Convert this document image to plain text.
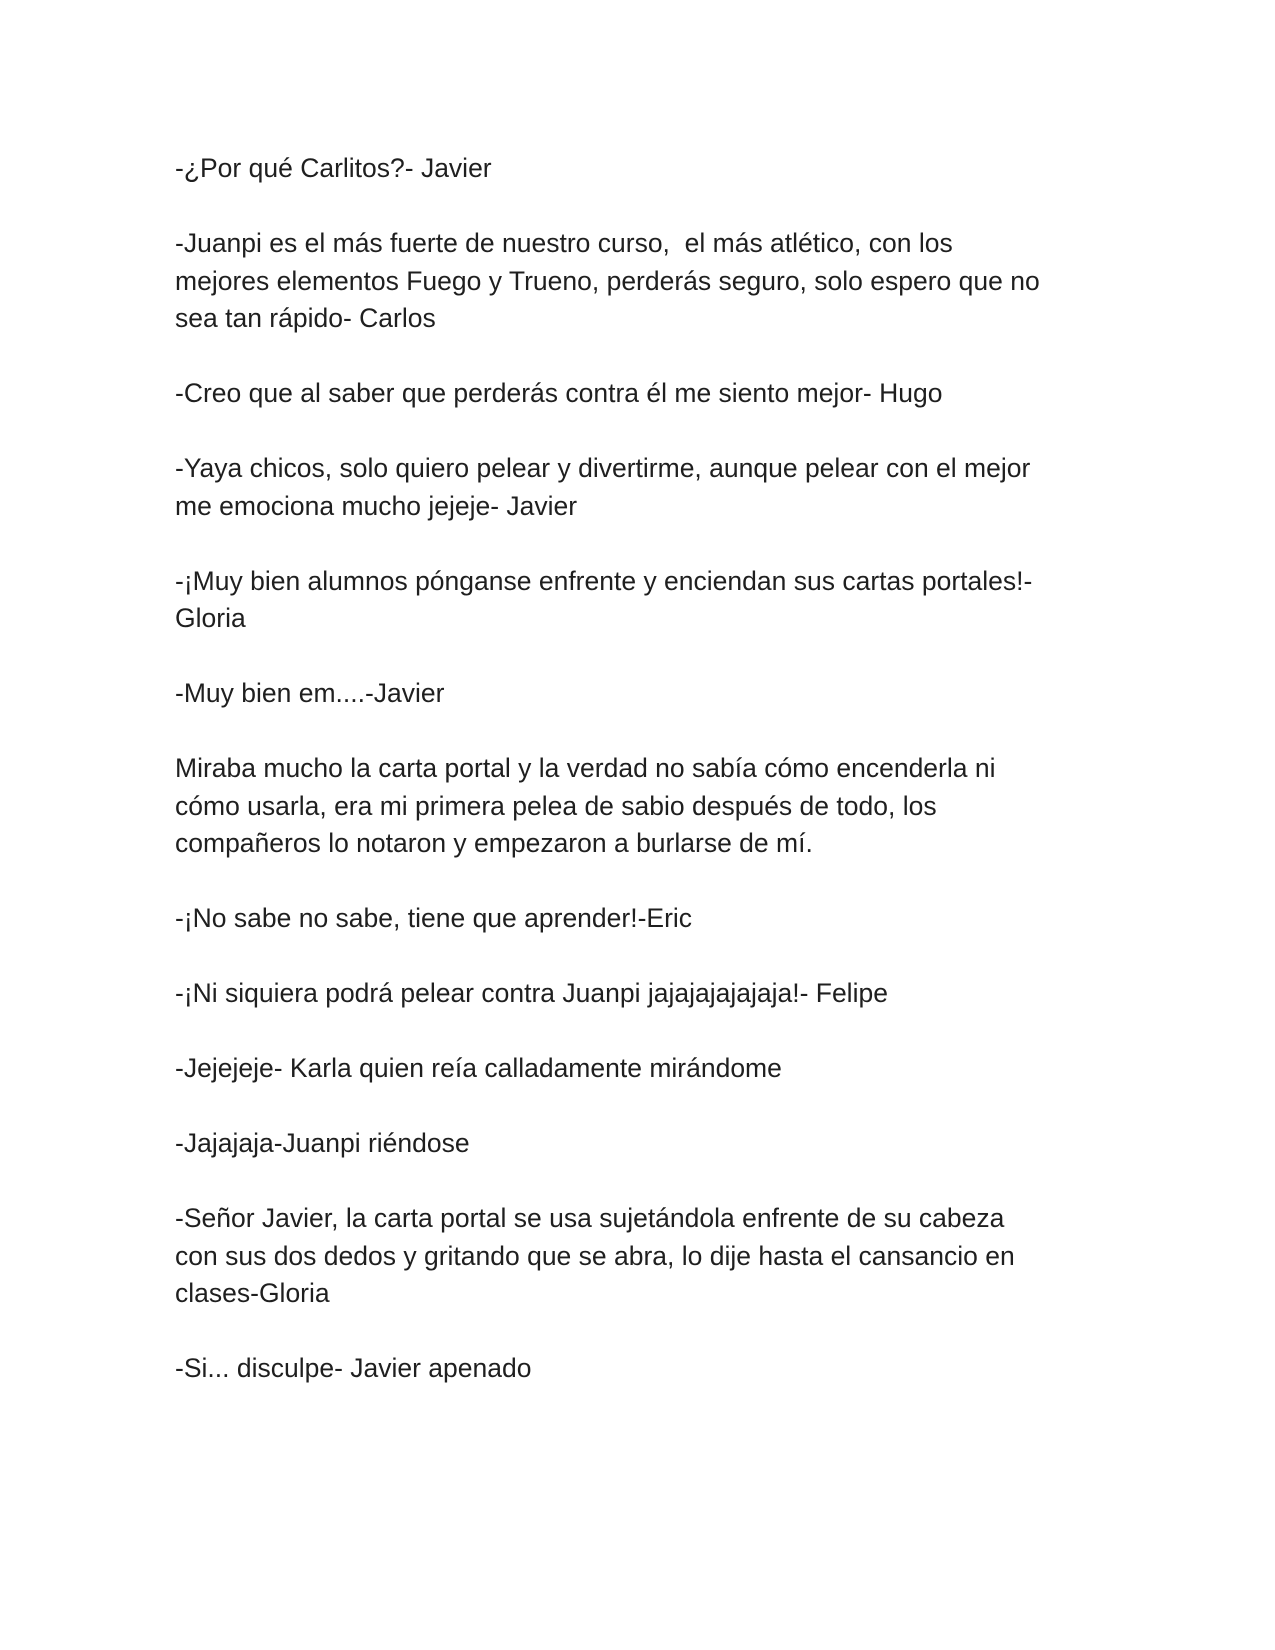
-¿Por qué Carlitos?- Javier

-Juanpi es el más fuerte de nuestro curso,  el más atlético, con los
mejores elementos Fuego y Trueno, perderás seguro, solo espero que no
sea tan rápido- Carlos

-Creo que al saber que perderás contra él me siento mejor- Hugo

-Yaya chicos, solo quiero pelear y divertirme, aunque pelear con el mejor
me emociona mucho jejeje- Javier

-¡Muy bien alumnos pónganse enfrente y enciendan sus cartas portales!-
Gloria

-Muy bien em....-Javier

Miraba mucho la carta portal y la verdad no sabía cómo encenderla ni
cómo usarla, era mi primera pelea de sabio después de todo, los
compañeros lo notaron y empezaron a burlarse de mí.

-¡No sabe no sabe, tiene que aprender!-Eric

-¡Ni siquiera podrá pelear contra Juanpi jajajajajajaja!- Felipe

-Jejejeje- Karla quien reía calladamente mirándome

-Jajajaja-Juanpi riéndose

-Señor Javier, la carta portal se usa sujetándola enfrente de su cabeza
con sus dos dedos y gritando que se abra, lo dije hasta el cansancio en
clases-Gloria

-Si... disculpe- Javier apenado
